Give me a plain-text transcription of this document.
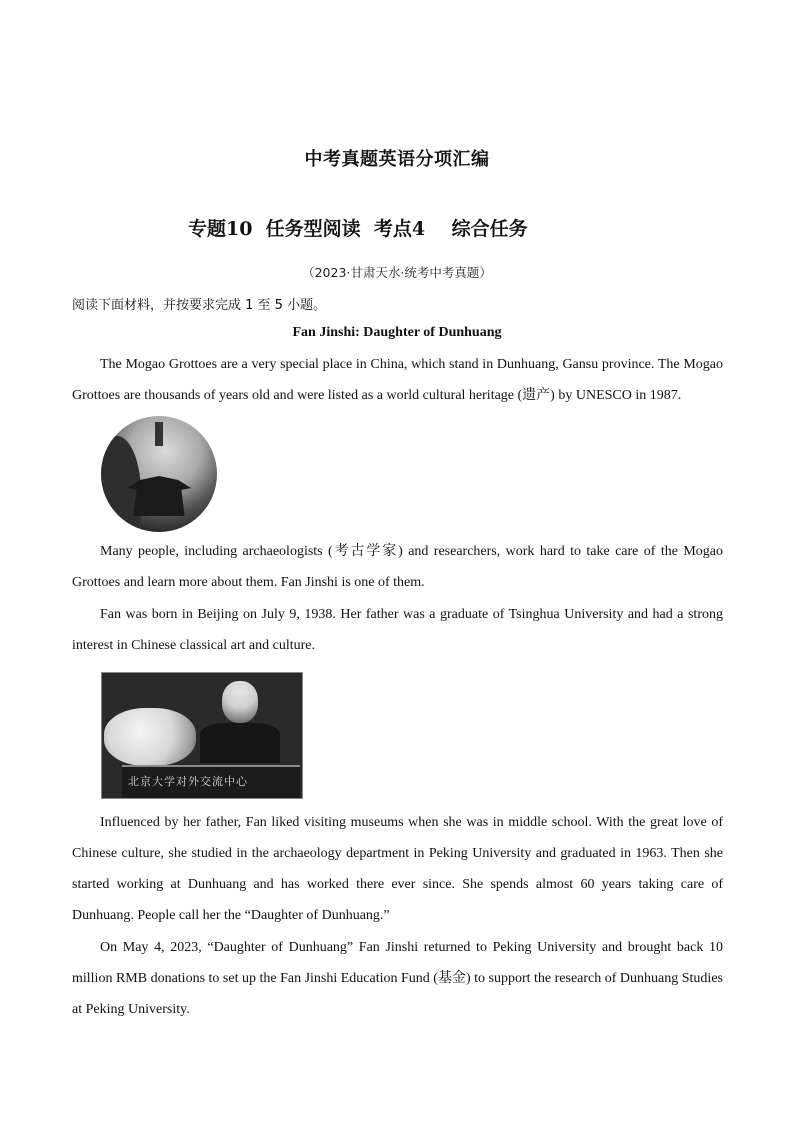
中考真题英语分项汇编
专题10  任务型阅读  考点4    综合任务
（2023·甘肃天水·统考中考真题）
阅读下面材料，并按要求完成 1 至 5 小题。
Fan Jinshi: Daughter of Dunhuang
The Mogao Grottoes are a very special place in China, which stand in Dunhuang, Gansu province. The Mogao Grottoes are thousands of years old and were listed as a world cultural heritage (遗产) by UNESCO in 1987.
Many people, including archaeologists (考古学家) and researchers, work hard to take care of the Mogao Grottoes and learn more about them. Fan Jinshi is one of them.
Fan was born in Beijing on July 9, 1938. Her father was a graduate of Tsinghua University and had a strong interest in Chinese classical art and culture.
北京大学对外交流中心
Influenced by her father, Fan liked visiting museums when she was in middle school. With the great love of Chinese culture, she studied in the archaeology department in Peking University and graduated in 1963. Then she started working at Dunhuang and has worked there ever since. She spends almost 60 years taking care of Dunhuang. People call her the “Daughter of Dunhuang.”
On May 4, 2023, “Daughter of Dunhuang” Fan Jinshi returned to Peking University and brought back 10 million RMB donations to set up the Fan Jinshi Education Fund (基金) to support the research of Dunhuang Studies at Peking University.
